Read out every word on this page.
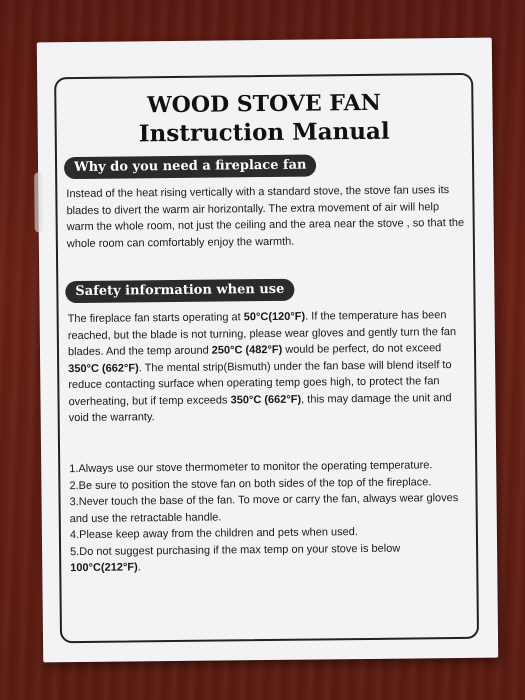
WOOD STOVE FAN
Instruction Manual
Why do you need a fireplace fan

Instead of the heat rising vertically with a standard stove, the stove fan uses its blades to divert the warm air horizontally. The extra movement of air will help warm the whole room, not just the ceiling and the area near the stove , so that the whole room can comfortably enjoy the warmth.

Safety information when use

The fireplace fan starts operating at 50°C(120°F). If the temperature has been reached, but the blade is not turning, please wear gloves and gently turn the fan blades. And the temp around 250°C (482°F) would be perfect, do not exceed 350°C (662°F). The mental strip(Bismuth) under the fan base will blend itself to reduce contacting surface when operating temp goes high, to protect the fan overheating, but if temp exceeds 350°C (662°F), this may damage the unit and void the warranty.

1.Always use our stove thermometer to monitor the operating temperature.
2.Be sure to position the stove fan on both sides of the top of the fireplace.
3.Never touch the base of the fan. To move or carry the fan, always wear gloves and use the retractable handle.
4.Please keep away from the children and pets when used.
5.Do not suggest purchasing if the max temp on your stove is below 100°C(212°F).
